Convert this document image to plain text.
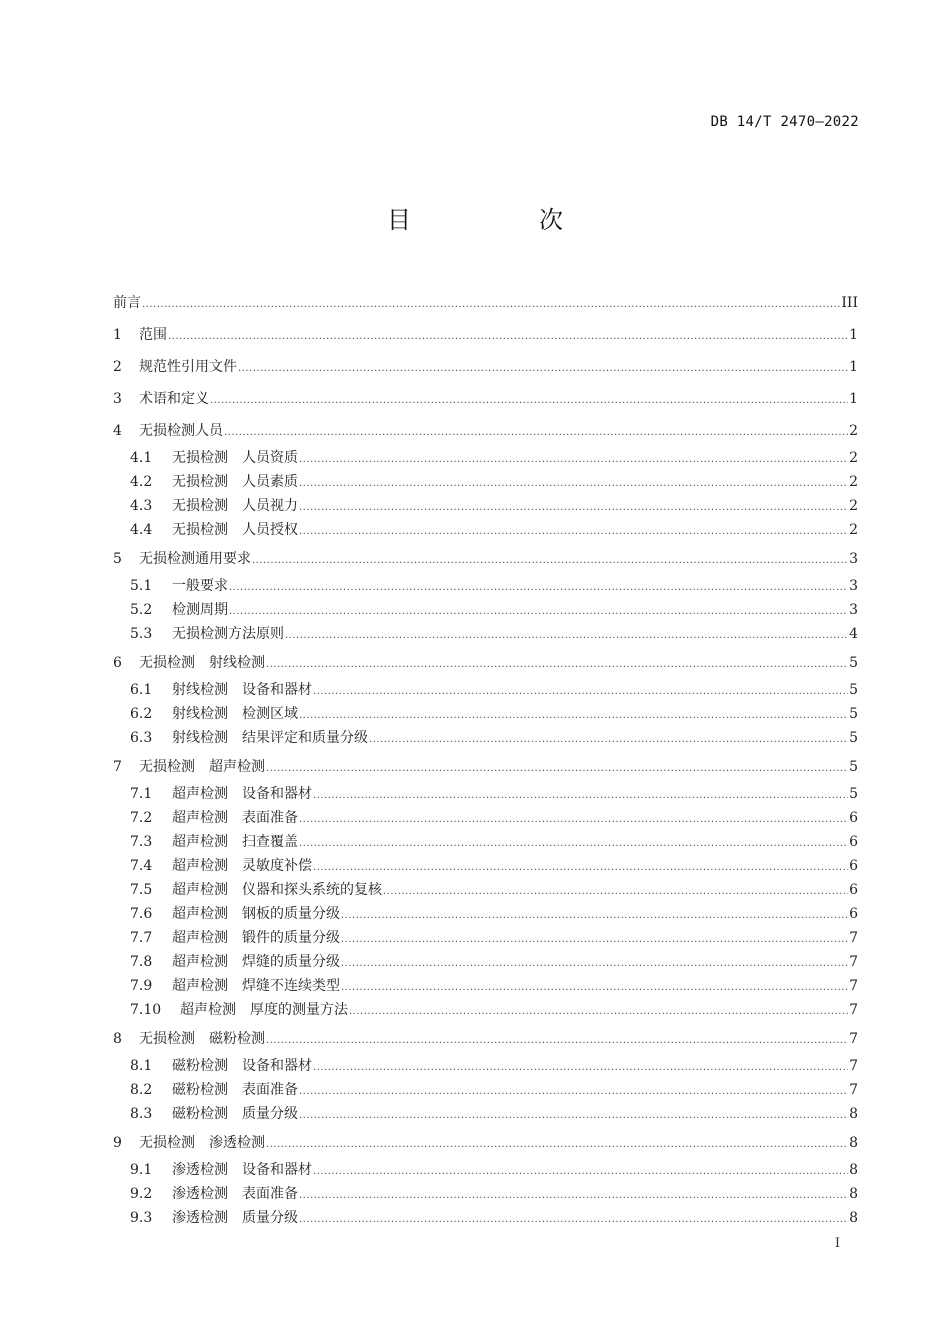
DB 14/T 2470—2022
目　次
前言 .....	III
1	范围 .....	1
2	规范性引用文件 .....	1
3	术语和定义 .....	1
4	无损检测人员 .....	2
4.1	无损检测　人员资质 .....	2
4.2	无损检测　人员素质 .....	2
4.3	无损检测　人员视力 .....	2
4.4	无损检测　人员授权 .....	2
5	无损检测通用要求 .....	3
5.1	一般要求 .....	3
5.2	检测周期 .....	3
5.3	无损检测方法原则 .....	4
6	无损检测　射线检测 .....	5
6.1	射线检测　设备和器材 .....	5
6.2	射线检测　检测区域 .....	5
6.3	射线检测　结果评定和质量分级 .....	5
7	无损检测　超声检测 .....	5
7.1	超声检测　设备和器材 .....	5
7.2	超声检测　表面准备 .....	6
7.3	超声检测　扫查覆盖 .....	6
7.4	超声检测　灵敏度补偿 .....	6
7.5	超声检测　仪器和探头系统的复核 .....	6
7.6	超声检测　钢板的质量分级 .....	6
7.7	超声检测　锻件的质量分级 .....	7
7.8	超声检测　焊缝的质量分级 .....	7
7.9	超声检测　焊缝不连续类型 .....	7
7.10	超声检测　厚度的测量方法 .....	7
8	无损检测　磁粉检测 .....	7
8.1	磁粉检测　设备和器材 .....	7
8.2	磁粉检测　表面准备 .....	7
8.3	磁粉检测　质量分级 .....	8
9	无损检测　渗透检测 .....	8
9.1	渗透检测　设备和器材 .....	8
9.2	渗透检测　表面准备 .....	8
9.3	渗透检测　质量分级 .....	8
I
